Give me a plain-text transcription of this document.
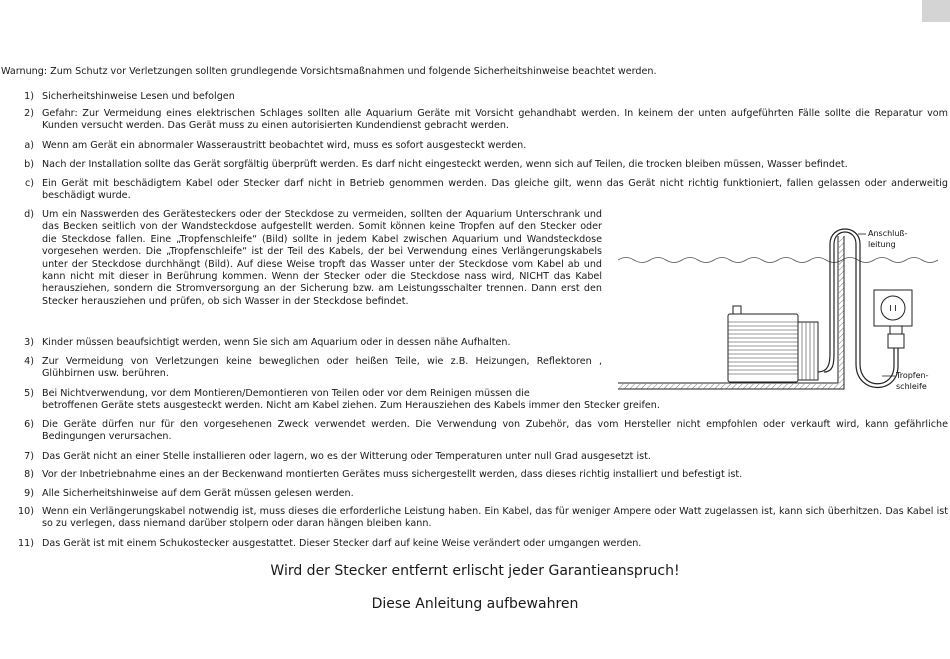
Warnung: Zum Schutz vor Verletzungen sollten grundlegende Vorsichtsmaßnahmen und folgende Sicherheitshinweise beachtet werden.
1) Sicherheitshinweise Lesen und befolgen
2) Gefahr: Zur Vermeidung eines elektrischen Schlages sollten alle Aquarium Geräte mit Vorsicht gehandhabt werden. In keinem der unten aufgeführten Fälle sollte die Reparatur vom Kunden versucht werden. Das Gerät muss zu einen autorisierten Kundendienst gebracht werden.
a) Wenn am Gerät ein abnormaler Wasseraustritt beobachtet wird, muss es sofort ausgesteckt werden.
b) Nach der Installation sollte das Gerät sorgfältig überprüft werden. Es darf nicht eingesteckt werden, wenn sich auf Teilen, die trocken bleiben müssen, Wasser befindet.
c) Ein Gerät mit beschädigtem Kabel oder Stecker darf nicht in Betrieb genommen werden. Das gleiche gilt, wenn das Gerät nicht richtig funktioniert, fallen gelassen oder anderweitig beschädigt wurde.
d) Um ein Nasswerden des Gerätesteckers oder der Steckdose zu vermeiden, sollten der Aquarium Unterschrank und das Becken seitlich von der Wandsteckdose aufgestellt werden. Somit können keine Tropfen auf den Stecker oder die Steckdose fallen. Eine „Tropfenschleife“ (Bild) sollte in jedem Kabel zwischen Aquarium und Wandsteckdose vorgesehen werden. Die „Tropfenschleife“ ist der Teil des Kabels, der bei Verwendung eines Verlängerungskabels unter der Steckdose durchhängt (Bild). Auf diese Weise tropft das Wasser unter der Steckdose vom Kabel ab und kann nicht mit dieser in Berührung kommen. Wenn der Stecker oder die Steckdose nass wird, NICHT das Kabel herausziehen, sondern die Stromversorgung an der Sicherung bzw. am Leistungsschalter trennen. Dann erst den Stecker herausziehen und prüfen, ob sich Wasser in der Steckdose befindet.
3) Kinder müssen beaufsichtigt werden, wenn Sie sich am Aquarium oder in dessen nähe Aufhalten.
4) Zur Vermeidung von Verletzungen keine beweglichen oder heißen Teile, wie z.B. Heizungen, Reflektoren , Glühbirnen usw. berühren.
5) Bei Nichtverwendung, vor dem Montieren/Demontieren von Teilen oder vor dem Reinigen müssen die
betroffenen Geräte stets ausgesteckt werden. Nicht am Kabel ziehen. Zum Herausziehen des Kabels immer den Stecker greifen.
6) Die Geräte dürfen nur für den vorgesehenen Zweck verwendet werden. Die Verwendung von Zubehör, das vom Hersteller nicht empfohlen oder verkauft wird, kann gefährliche Bedingungen verursachen.
7) Das Gerät nicht an einer Stelle installieren oder lagern, wo es der Witterung oder Temperaturen unter null Grad ausgesetzt ist.
8) Vor der Inbetriebnahme eines an der Beckenwand montierten Gerätes muss sichergestellt werden, dass dieses richtig installiert und befestigt ist.
9) Alle Sicherheitshinweise auf dem Gerät müssen gelesen werden.
10) Wenn ein Verlängerungskabel notwendig ist, muss dieses die erforderliche Leistung haben. Ein Kabel, das für weniger Ampere oder Watt zugelassen ist, kann sich überhitzen. Das Kabel ist so zu verlegen, dass niemand darüber stolpern oder daran hängen bleiben kann.
11) Das Gerät ist mit einem Schukostecker ausgestattet. Dieser Stecker darf auf keine Weise verändert oder umgangen werden.
Wird der Stecker entfernt erlischt jeder Garantieanspruch!
Diese Anleitung aufbewahren
I I
Anschluß- leitung
Tropfen- schleife
